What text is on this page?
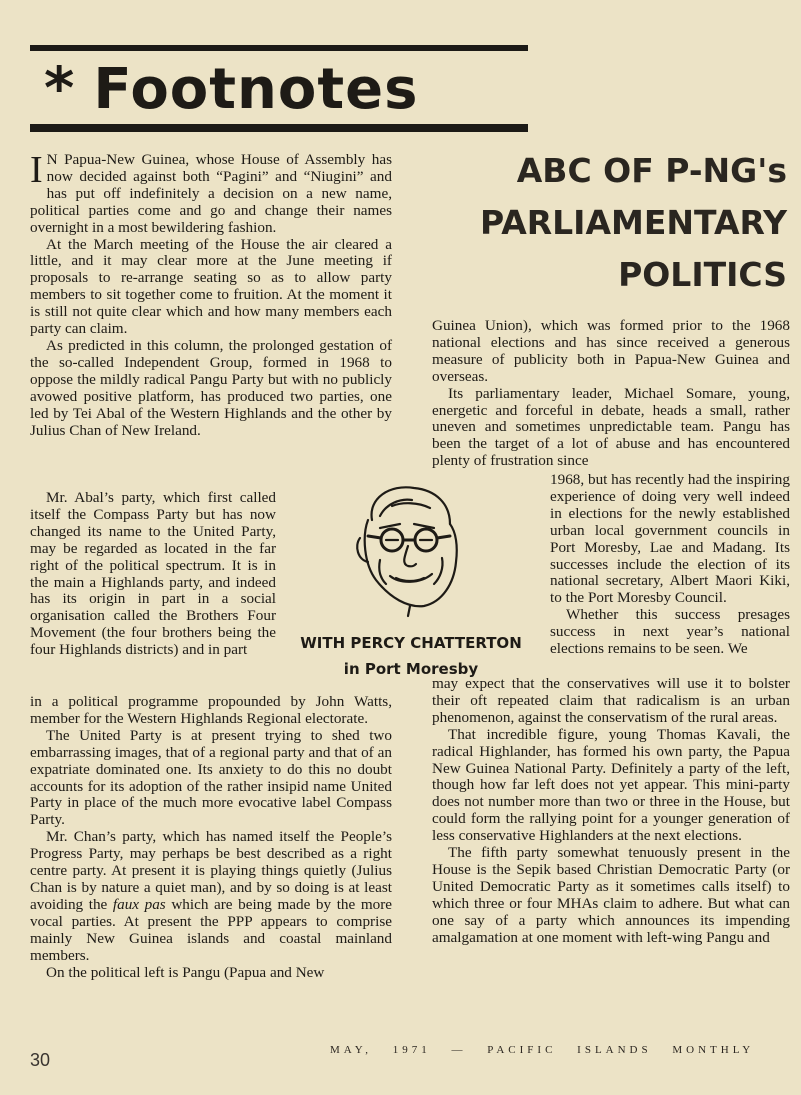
* Footnotes
ABC OF P-NG's
PARLIAMENTARY
POLITICS

I N Papua-New Guinea, whose House of Assembly has now decided against both “Pagini” and “Niugini” and has put off indefinitely a decision on a new name, political parties come and go and change their names overnight in a most bewildering fashion.

At the March meeting of the House the air cleared a little, and it may clear more at the June meeting if proposals to re-arrange seating so as to allow party members to sit together come to fruition. At the moment it is still not quite clear which and how many members each party can claim.

As predicted in this column, the prolonged gestation of the so-called Independent Group, formed in 1968 to oppose the mildly radical Pangu Party but with no publicly avowed positive platform, has produced two parties, one led by Tei Abal of the Western Highlands and the other by Julius Chan of New Ireland.

Mr. Abal’s party, which first called itself the Compass Party but has now changed its name to the United Party, may be regarded as located in the far right of the political spectrum. It is in the main a Highlands party, and indeed has its origin in part in a social organisation called the Brothers Four Movement (the four brothers being the four Highlands districts) and in part

in a political programme propounded by John Watts, member for the Western Highlands Regional electorate.

The United Party is at present trying to shed two embarrassing images, that of a regional party and that of an expatriate dominated one. Its anxiety to do this no doubt accounts for its adoption of the rather insipid name United Party in place of the much more evocative label Compass Party.

Mr. Chan’s party, which has named itself the People’s Progress Party, may perhaps be best described as a right centre party. At present it is playing things quietly (Julius Chan is by nature a quiet man), and by so doing is at least avoiding the faux pas which are being made by the more vocal parties. At present the PPP appears to comprise mainly New Guinea islands and coastal mainland members.

On the political left is Pangu (Papua and New

WITH PERCY CHATTERTON
in Port Moresby

Guinea Union), which was formed prior to the 1968 national elections and has since received a generous measure of publicity both in Papua-New Guinea and overseas.

Its parliamentary leader, Michael Somare, young, energetic and forceful in debate, heads a small, rather uneven and sometimes unpredictable team. Pangu has been the target of a lot of abuse and has encountered plenty of frustration since

1968, but has recently had the inspiring experience of doing very well indeed in elections for the newly established urban local government councils in Port Moresby, Lae and Madang. Its successes include the election of its national secretary, Albert Maori Kiki, to the Port Moresby Council.

Whether this success presages success in next year’s national elections remains to be seen. We

may expect that the conservatives will use it to bolster their oft repeated claim that radicalism is an urban phenomenon, against the conservatism of the rural areas.

That incredible figure, young Thomas Kavali, the radical Highlander, has formed his own party, the Papua New Guinea National Party. Definitely a party of the left, though how far left does not yet appear. This mini-party does not number more than two or three in the House, but could form the rallying point for a younger generation of less conservative Highlanders at the next elections.

The fifth party somewhat tenuously present in the House is the Sepik based Christian Democratic Party (or United Democratic Party as it sometimes calls itself) to which three or four MHAs claim to adhere. But what can one say of a party which announces its impending amalgamation at one moment with left-wing Pangu and

30	MAY, 1971 — PACIFIC ISLANDS MONTHLY
